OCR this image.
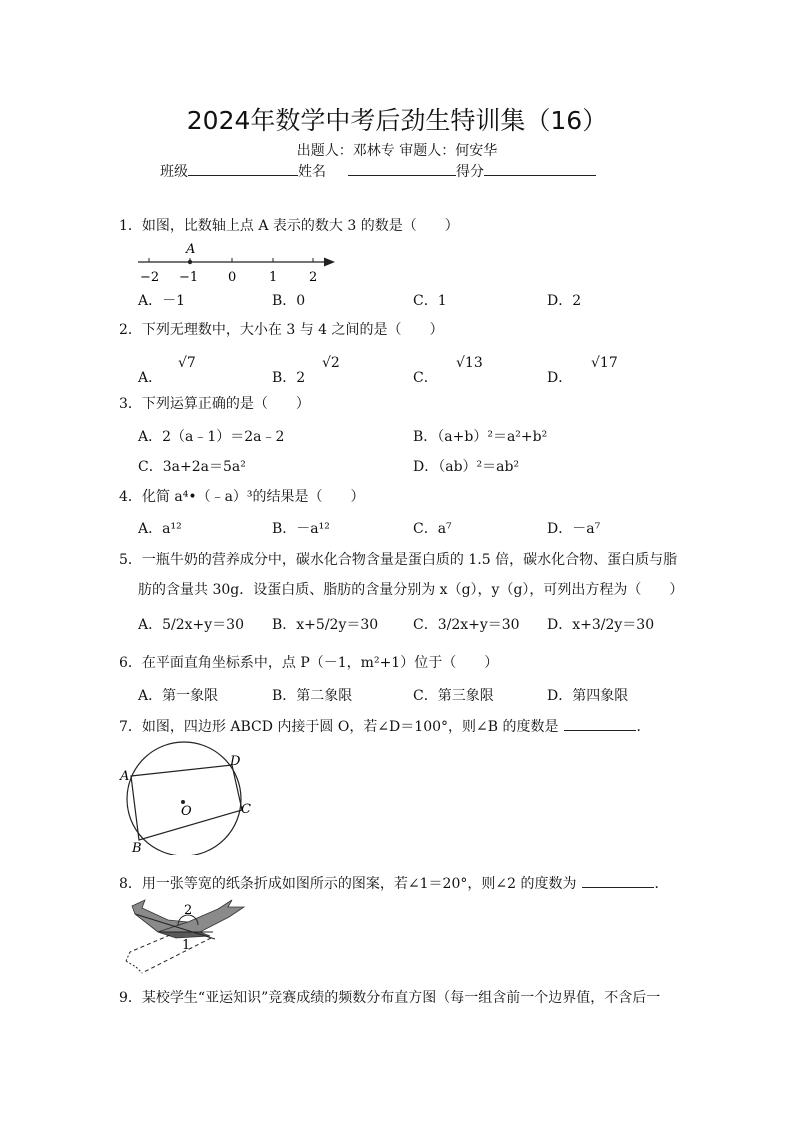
2024年数学中考后劲生特训集（16）
出题人：邓林专 审题人：何安华
班级	姓名	得分
1．如图，比数轴上点 A 表示的数大 3 的数是（　　）
A
−2 −1 0	1 2
A．－1	B．0	C．1	D．2
2．下列无理数中，大小在 3 与 4 之间的是（　　）
A．
√7
B．2
√2
C．
√13
D．
√17
3．下列运算正确的是（　　）
A．2（a﹣1）＝2a﹣2	B．（a+b）²＝a²+b²
C．3a+2a＝5a²	D．（ab）²＝ab²
4．化简 a⁴•（﹣a）³的结果是（　　）
A．a¹²	B．－a¹²	C．a⁷	D．－a⁷
5．一瓶牛奶的营养成分中，碳水化合物含量是蛋白质的 1.5 倍，碳水化合物、蛋白质与脂
肪的含量共 30g．设蛋白质、脂肪的含量分别为 x（g），y（g），可列出方程为（　　）
A．5/2x+y＝30 B．x+5/2y＝30 C．3/2x+y＝30 D．x+3/2y＝30
6．在平面直角坐标系中，点 P（－1，m²+1）位于（　　）
A．第一象限	B．第二象限	C．第三象限	D．第四象限
7．如图，四边形 ABCD 内接于圆 O，若∠D＝100°，则∠B 的度数是	．
A
B
C
D
O
8．用一张等宽的纸条折成如图所示的图案，若∠1＝20°，则∠2 的度数为	．
1
2
9．某校学生“亚运知识”竞赛成绩的频数分布直方图（每一组含前一个边界值，不含后一
